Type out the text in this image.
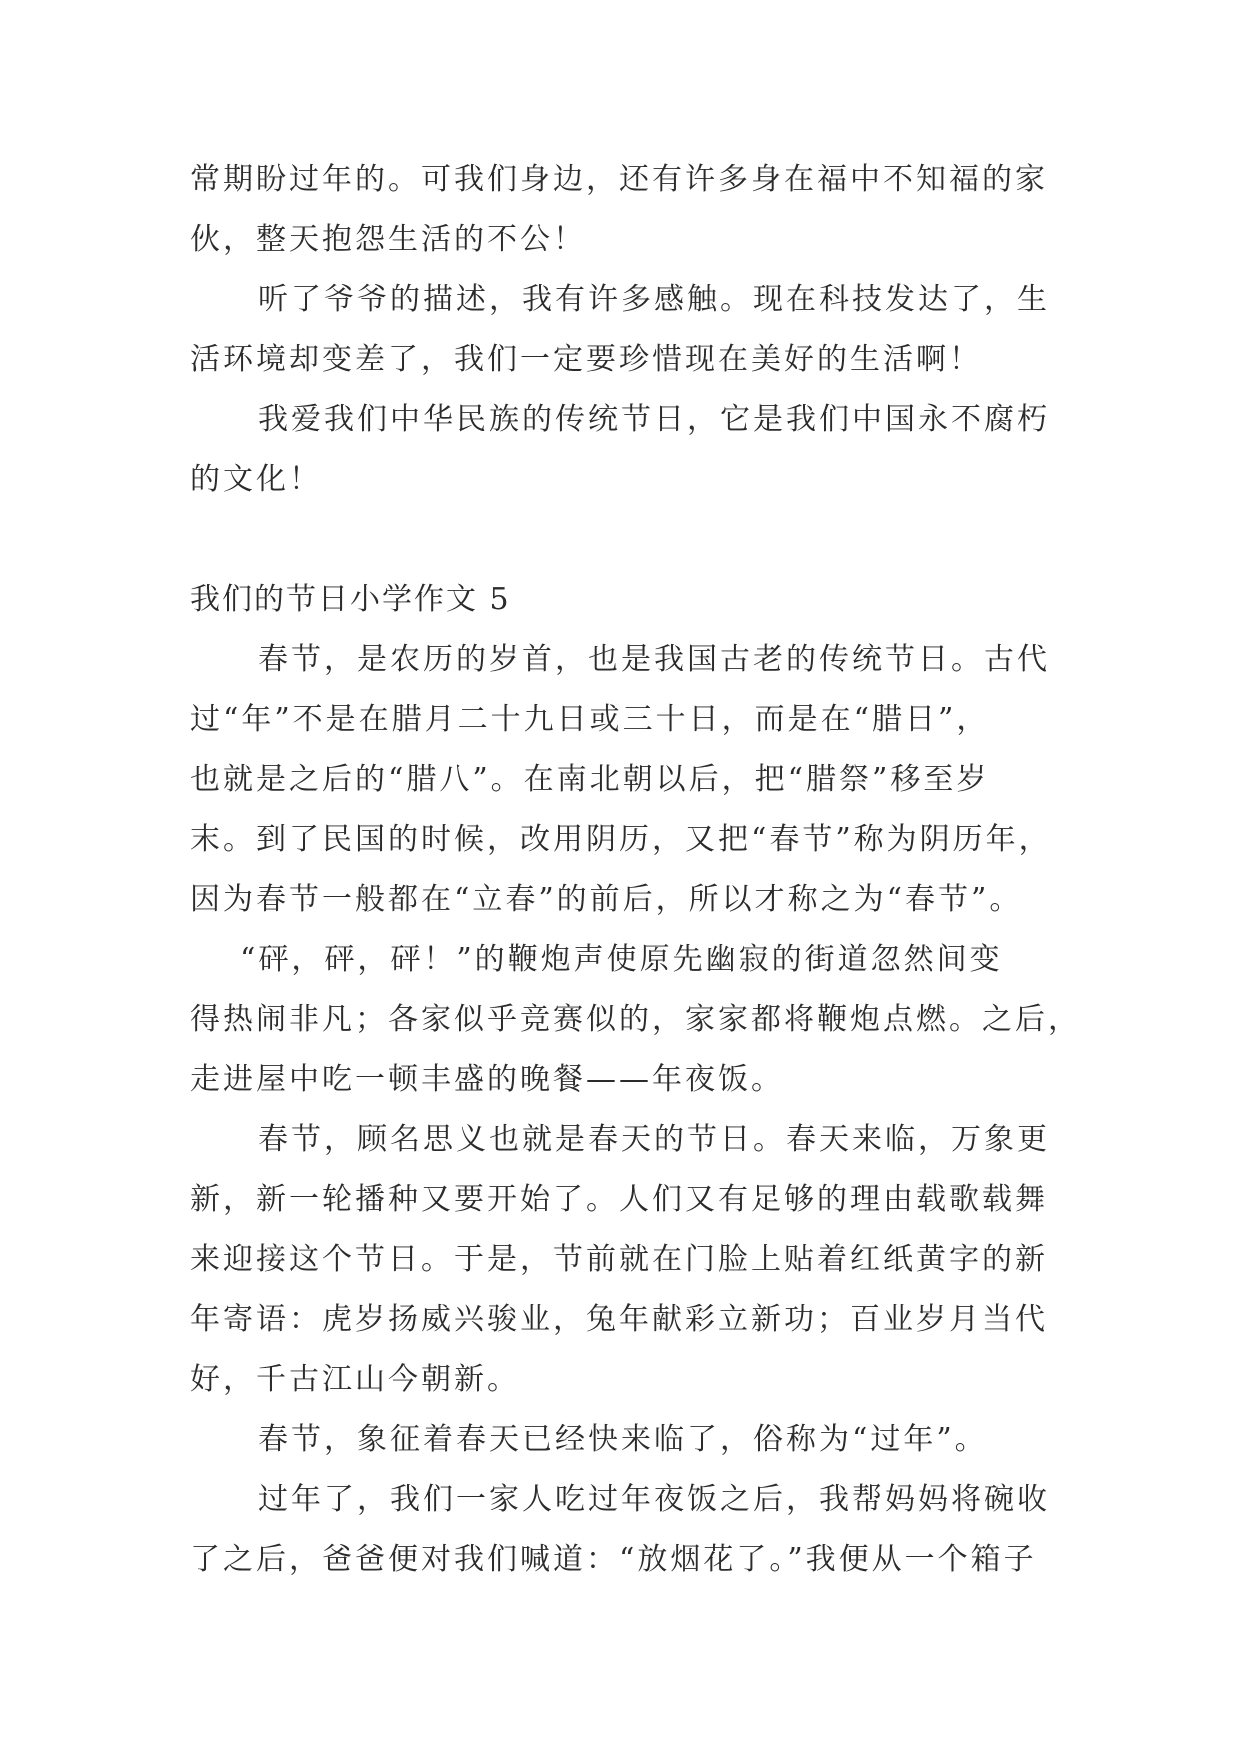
常期盼过年的。可我们身边，还有许多身在福中不知福的家
伙，整天抱怨生活的不公！
听了爷爷的描述，我有许多感触。现在科技发达了，生
活环境却变差了，我们一定要珍惜现在美好的生活啊！
我爱我们中华民族的传统节日，它是我们中国永不腐朽
的文化！
我们的节日小学作文 5
春节，是农历的岁首，也是我国古老的传统节日。古代
过“年”不是在腊月二十九日或三十日，而是在“腊日”，
也就是之后的“腊八”。在南北朝以后，把“腊祭”移至岁
末。到了民国的时候，改用阴历，又把“春节”称为阴历年，
因为春节一般都在“立春”的前后，所以才称之为“春节”。
“砰，砰，砰！”的鞭炮声使原先幽寂的街道忽然间变
得热闹非凡；各家似乎竞赛似的，家家都将鞭炮点燃。之后，
走进屋中吃一顿丰盛的晚餐——年夜饭。
春节，顾名思义也就是春天的节日。春天来临，万象更
新，新一轮播种又要开始了。人们又有足够的理由载歌载舞
来迎接这个节日。于是，节前就在门脸上贴着红纸黄字的新
年寄语：虎岁扬威兴骏业，兔年献彩立新功；百业岁月当代
好，千古江山今朝新。
春节，象征着春天已经快来临了，俗称为“过年”。
过年了，我们一家人吃过年夜饭之后，我帮妈妈将碗收
了之后，爸爸便对我们喊道：“放烟花了。”我便从一个箱子
